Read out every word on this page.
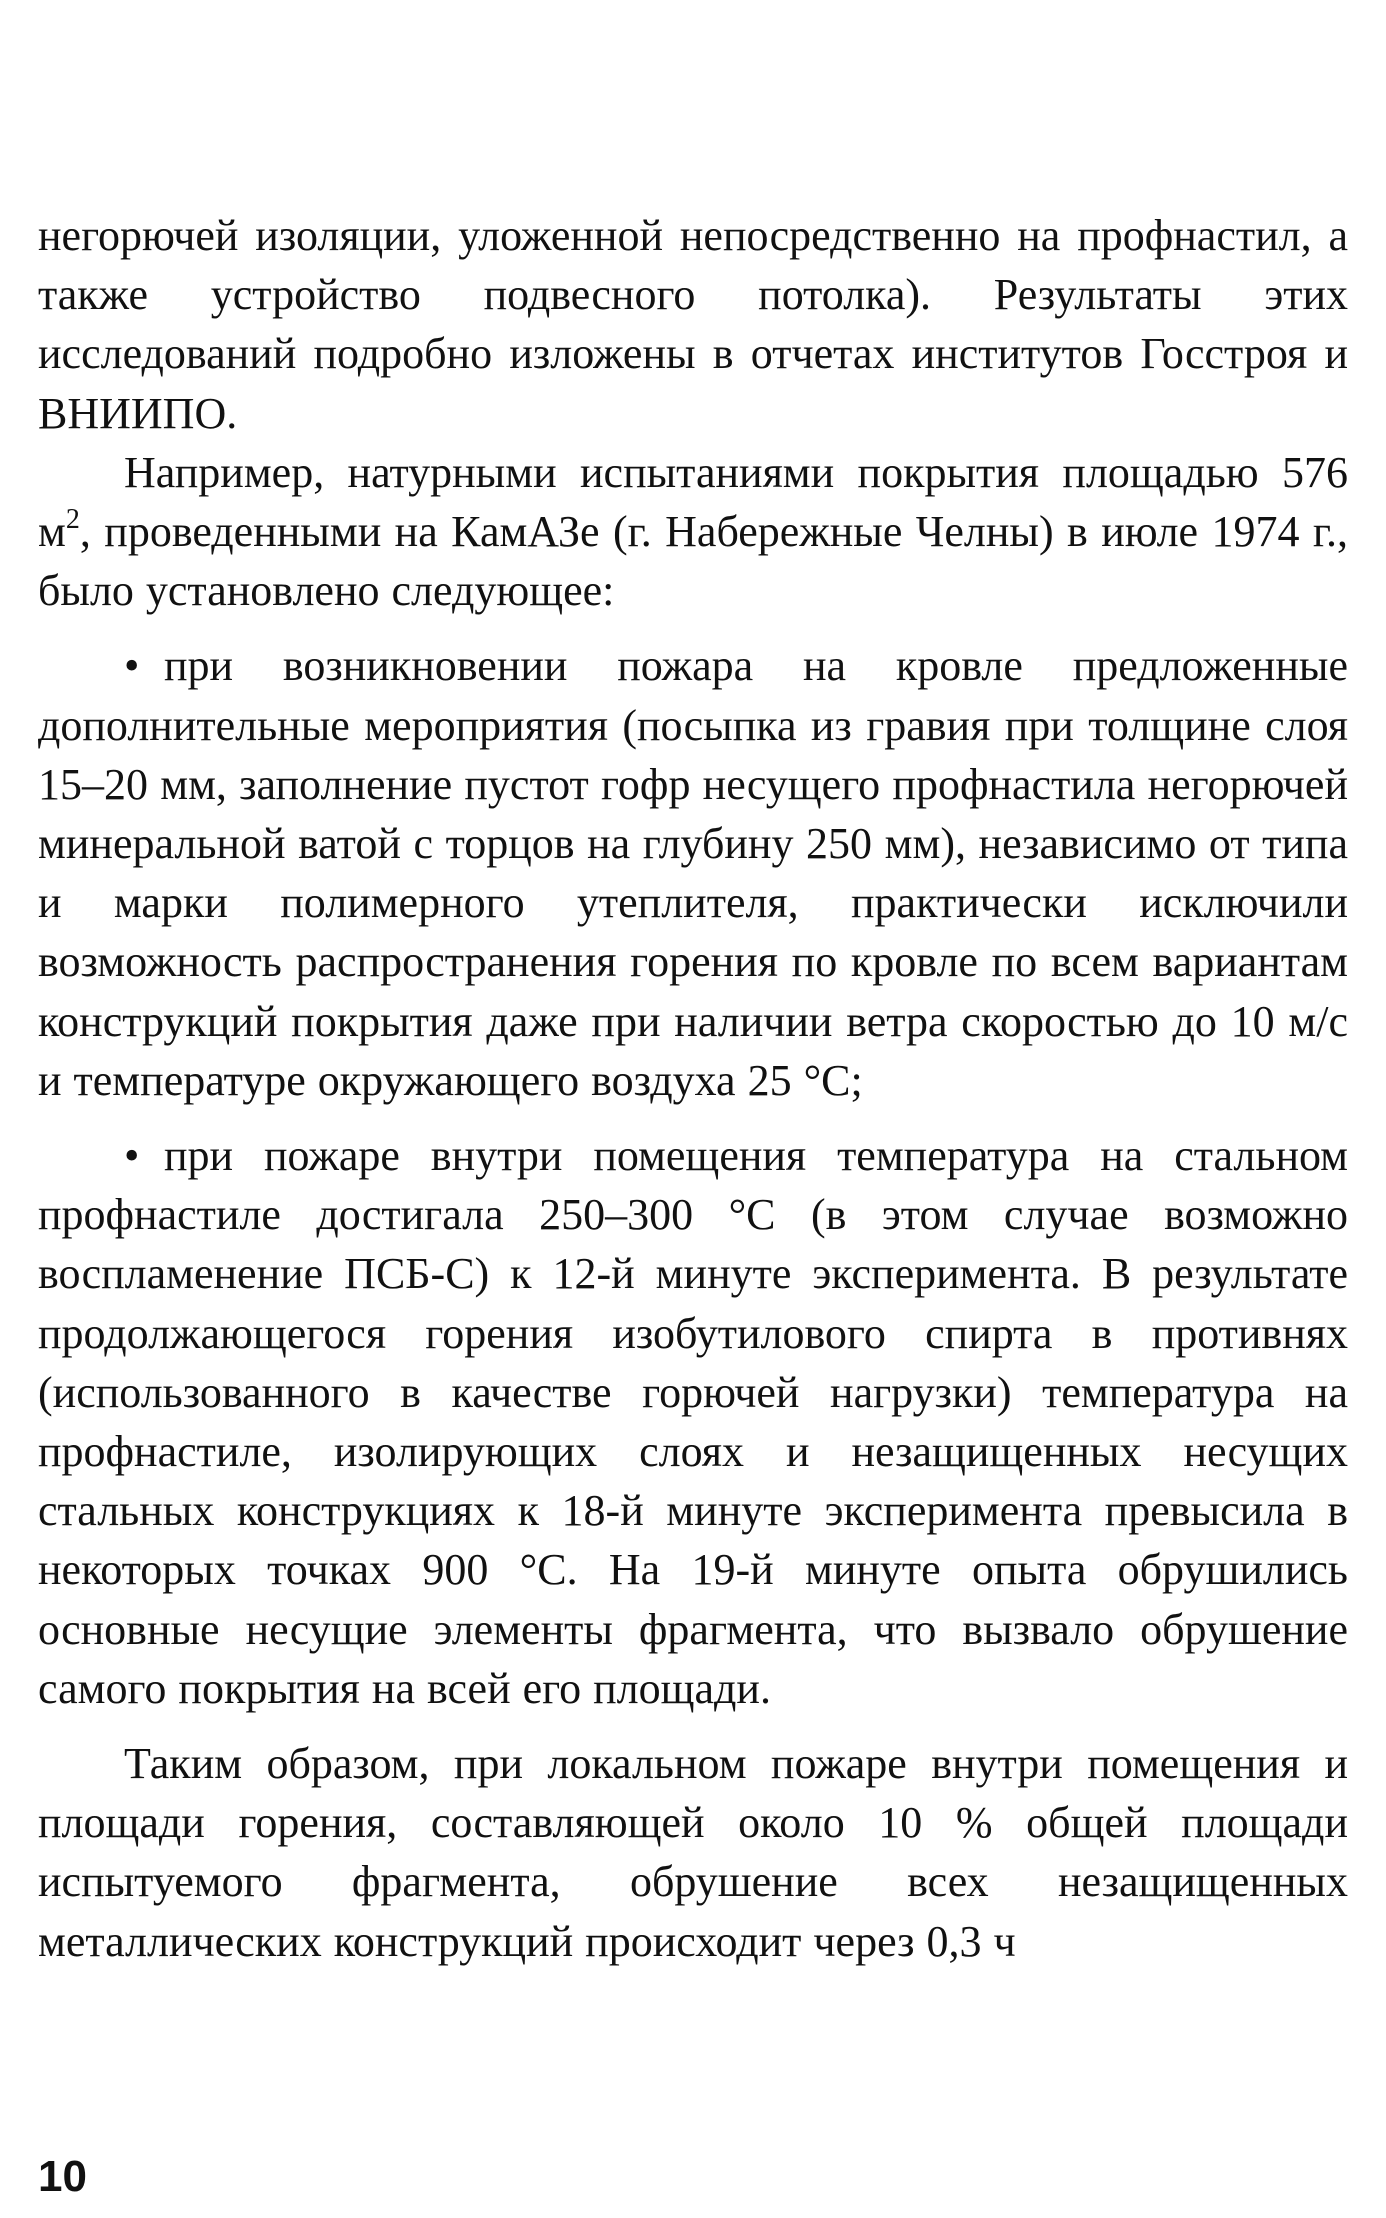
негорючей изоляции, уложенной непосредственно на профнастил, а также устройство подвесного потолка). Результаты этих исследований подробно изложены в отчетах институтов Госстроя и ВНИИПО.

Например, натурными испытаниями покрытия площадью 576 $м^2$, проведенными на КамАЗе (г. Набережные Челны) в июле 1974 г., было установлено следующее:

• при возникновении пожара на кровле предложенные дополнительные мероприятия (посыпка из гравия при толщине слоя 15–20 мм, заполнение пустот гофр несущего профнастила негорючей минеральной ватой с торцов на глубину 250 мм), независимо от типа и марки полимерного утеплителя, практически исключили возможность распространения горения по кровле по всем вариантам конструкций покрытия даже при наличии ветра скоростью до 10 м/с и температуре окружающего воздуха 25 °С;

• при пожаре внутри помещения температура на стальном профнастиле достигала 250–300 °С (в этом случае возможно воспламенение ПСБ-С) к 12-й минуте эксперимента. В результате продолжающегося горения изобутилового спирта в противнях (использованного в качестве горючей нагрузки) температура на профнастиле, изолирующих слоях и незащищенных несущих стальных конструкциях к 18-й минуте эксперимента превысила в некоторых точках 900 °С. На 19-й минуте опыта обрушились основные несущие элементы фрагмента, что вызвало обрушение самого покрытия на всей его площади.

Таким образом, при локальном пожаре внутри помещения и площади горения, составляющей около 10 % общей площади испытуемого фрагмента, обрушение всех незащищенных металлических конструкций происходит через 0,3 ч

10
